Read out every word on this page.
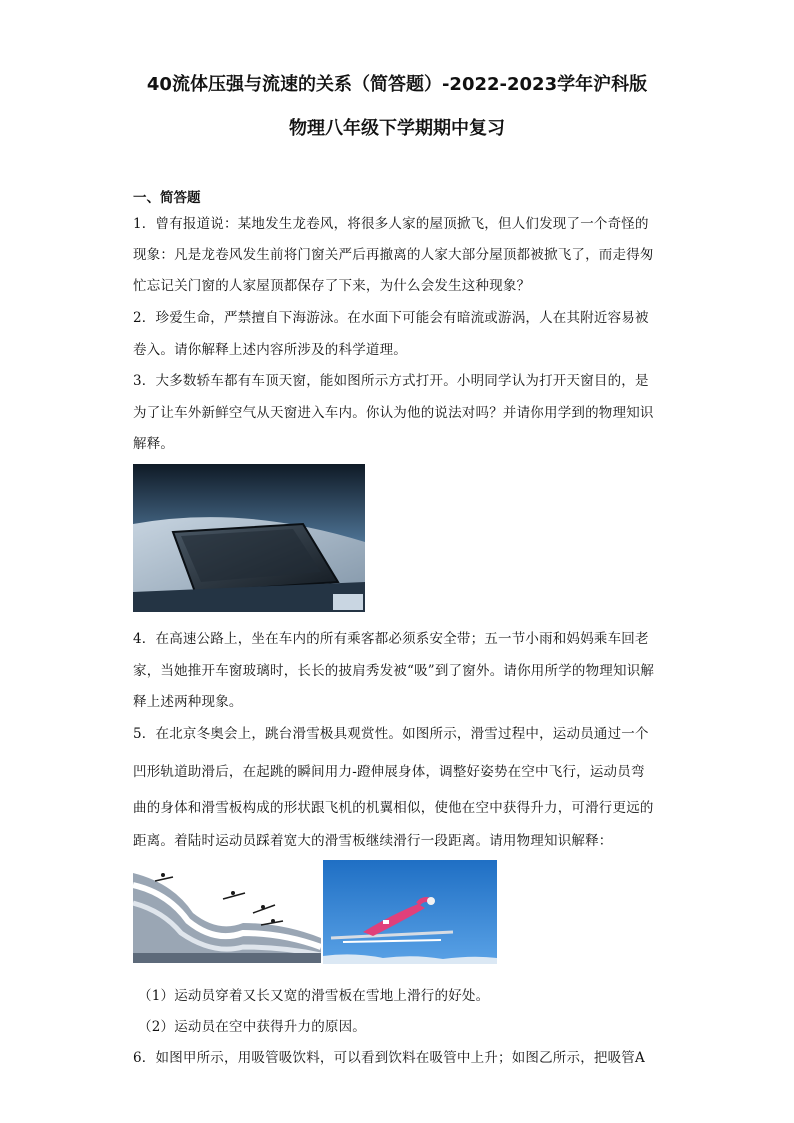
40流体压强与流速的关系（简答题）-2022-2023学年沪科版
物理八年级下学期期中复习
一、简答题
1．曾有报道说：某地发生龙卷风，将很多人家的屋顶掀飞，但人们发现了一个奇怪的
现象：凡是龙卷风发生前将门窗关严后再撤离的人家大部分屋顶都被掀飞了，而走得匆
忙忘记关门窗的人家屋顶都保存了下来，为什么会发生这种现象？
2．珍爱生命，严禁擅自下海游泳。在水面下可能会有暗流或游涡，人在其附近容易被
卷入。请你解释上述内容所涉及的科学道理。
3．大多数轿车都有车顶天窗，能如图所示方式打开。小明同学认为打开天窗目的，是
为了让车外新鲜空气从天窗进入车内。你认为他的说法对吗？并请你用学到的物理知识
解释。
4．在高速公路上，坐在车内的所有乘客都必须系安全带；五一节小雨和妈妈乘车回老
家，当她推开车窗玻璃时，长长的披肩秀发被“吸”到了窗外。请你用所学的物理知识解
释上述两种现象。
5．在北京冬奥会上，跳台滑雪极具观赏性。如图所示，滑雪过程中，运动员通过一个
凹形轨道助滑后，在起跳的瞬间用力-蹬伸展身体，调整好姿势在空中飞行，运动员弯
曲的身体和滑雪板构成的形状跟飞机的机翼相似，使他在空中获得升力，可滑行更远的
距离。着陆时运动员踩着宽大的滑雪板继续滑行一段距离。请用物理知识解释：
（1）运动员穿着又长又宽的滑雪板在雪地上滑行的好处。
（2）运动员在空中获得升力的原因。
6．如图甲所示，用吸管吸饮料，可以看到饮料在吸管中上升；如图乙所示，把吸管A
